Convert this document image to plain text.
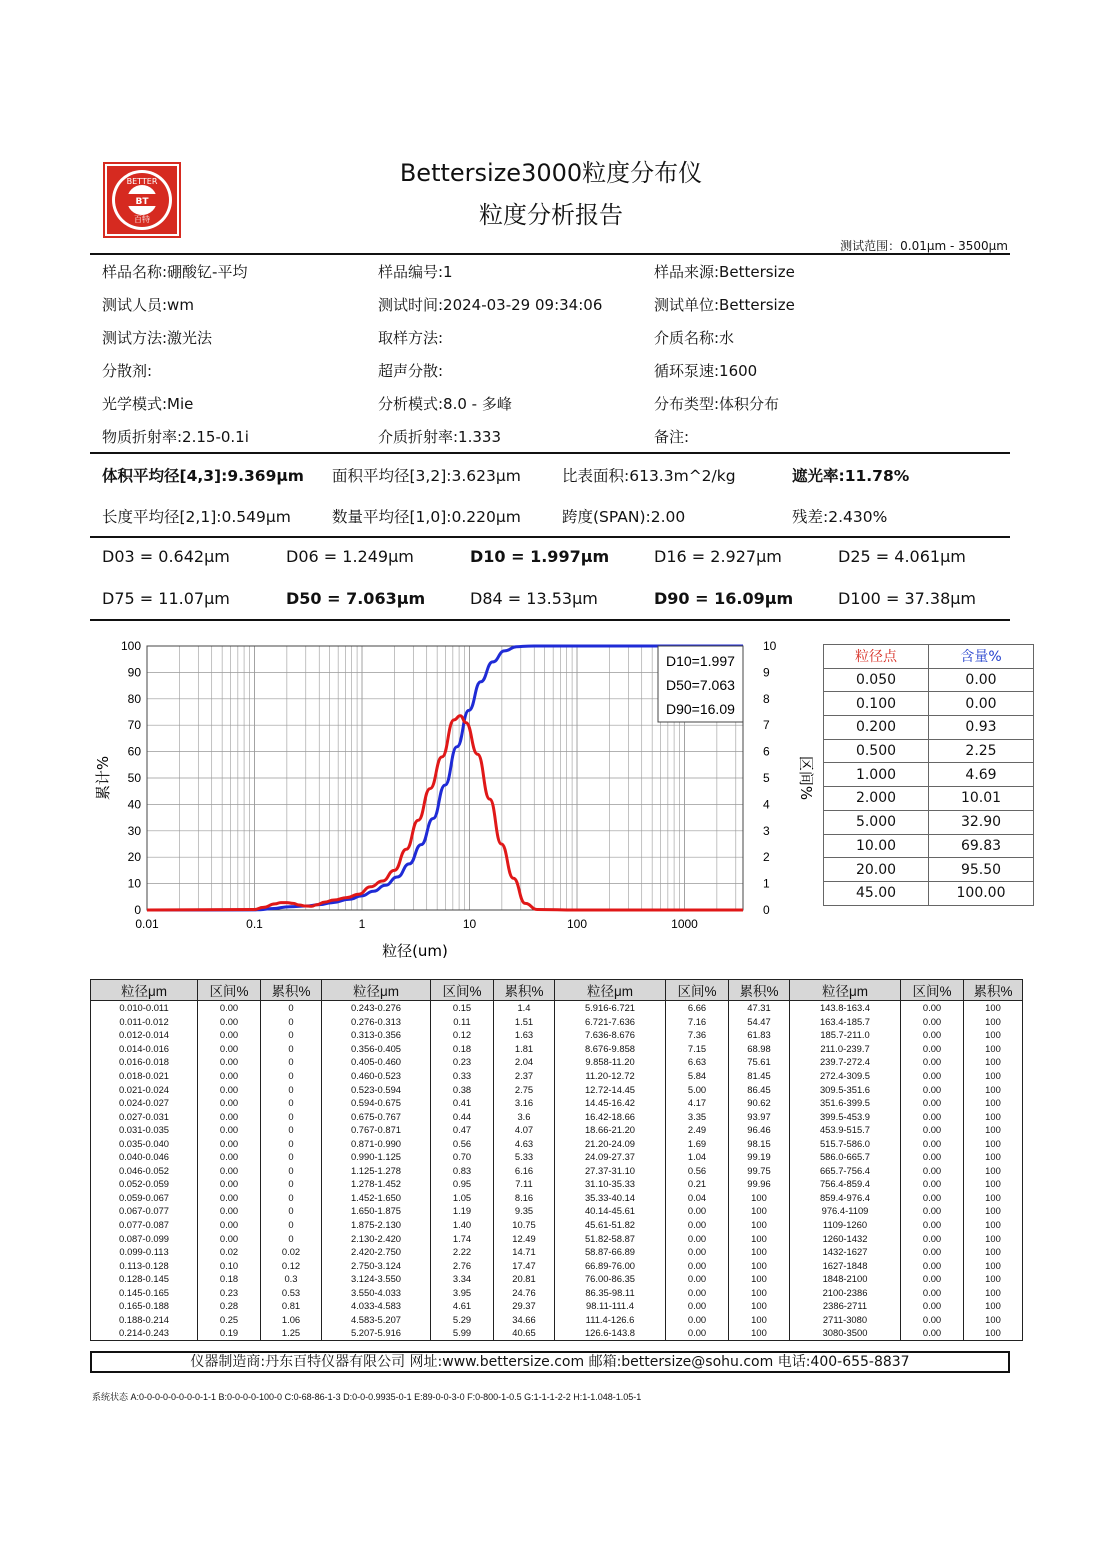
BT
BETTER
百特
Bettersize3000粒度分布仪
粒度分析报告
测试范围：0.01μm - 3500μm
样品名称:硼酸钇-平均	样品编号:1	样品来源:Bettersize
测试人员:wm	测试时间:2024-03-29 09:34:06	测试单位:Bettersize
测试方法:激光法	取样方法:	介质名称:水
分散剂:	超声分散:	循环泵速:1600
光学模式:Mie	分析模式:8.0 - 多峰	分布类型:体积分布
物质折射率:2.15-0.1i	介质折射率:1.333	备注:
体积平均径[4,3]:9.369μm 面积平均径[3,2]:3.623μm	比表面积:613.3m^2/kg	遮光率:11.78%
长度平均径[2,1]:0.549μm	数量平均径[1,0]:0.220μm	跨度(SPAN):2.00	残差:2.430%
D03 = 0.642μm	D06 = 1.249μm	D10 = 1.997μm	D16 = 2.927μm	D25 = 4.061μm
D75 = 11.07μm	D50 = 7.063μm	D84 = 13.53μm	D90 = 16.09μm	D100 = 37.38μm
0
10
20
30
40
50
60
70
80
90
100
0
1
2
3
4
5
6
7
8
9
10
0.01	0.1	1	10	100	1000
粒径(um)
累计%	区间%
D10=1.997
D50=7.063
D90=16.09
粒径点	含量%
0.050	0.00
0.100	0.00
0.200	0.93
0.500	2.25
1.000	4.69
2.000	10.01
5.000	32.90
10.00	69.83
20.00	95.50
45.00	100.00
粒径μm	区间%	累积%	粒径μm	区间%	累积%	粒径μm	区间%	累积%	粒径μm	区间%	累积%
0.010-0.011	0.00	0	0.243-0.276	0.15	1.4	5.916-6.721	6.66	47.31	143.8-163.4	0.00	100
0.011-0.012	0.00	0	0.276-0.313	0.11	1.51	6.721-7.636	7.16	54.47	163.4-185.7	0.00	100
0.012-0.014	0.00	0	0.313-0.356	0.12	1.63	7.636-8.676	7.36	61.83	185.7-211.0	0.00	100
0.014-0.016	0.00	0	0.356-0.405	0.18	1.81	8.676-9.858	7.15	68.98	211.0-239.7	0.00	100
0.016-0.018	0.00	0	0.405-0.460	0.23	2.04	9.858-11.20	6.63	75.61	239.7-272.4	0.00	100
0.018-0.021	0.00	0	0.460-0.523	0.33	2.37	11.20-12.72	5.84	81.45	272.4-309.5	0.00	100
0.021-0.024	0.00	0	0.523-0.594	0.38	2.75	12.72-14.45	5.00	86.45	309.5-351.6	0.00	100
0.024-0.027	0.00	0	0.594-0.675	0.41	3.16	14.45-16.42	4.17	90.62	351.6-399.5	0.00	100
0.027-0.031	0.00	0	0.675-0.767	0.44	3.6	16.42-18.66	3.35	93.97	399.5-453.9	0.00	100
0.031-0.035	0.00	0	0.767-0.871	0.47	4.07	18.66-21.20	2.49	96.46	453.9-515.7	0.00	100
0.035-0.040	0.00	0	0.871-0.990	0.56	4.63	21.20-24.09	1.69	98.15	515.7-586.0	0.00	100
0.040-0.046	0.00	0	0.990-1.125	0.70	5.33	24.09-27.37	1.04	99.19	586.0-665.7	0.00	100
0.046-0.052	0.00	0	1.125-1.278	0.83	6.16	27.37-31.10	0.56	99.75	665.7-756.4	0.00	100
0.052-0.059	0.00	0	1.278-1.452	0.95	7.11	31.10-35.33	0.21	99.96	756.4-859.4	0.00	100
0.059-0.067	0.00	0	1.452-1.650	1.05	8.16	35.33-40.14	0.04	100	859.4-976.4	0.00	100
0.067-0.077	0.00	0	1.650-1.875	1.19	9.35	40.14-45.61	0.00	100	976.4-1109	0.00	100
0.077-0.087	0.00	0	1.875-2.130	1.40	10.75	45.61-51.82	0.00	100	1109-1260	0.00	100
0.087-0.099	0.00	0	2.130-2.420	1.74	12.49	51.82-58.87	0.00	100	1260-1432	0.00	100
0.099-0.113	0.02	0.02	2.420-2.750	2.22	14.71	58.87-66.89	0.00	100	1432-1627	0.00	100
0.113-0.128	0.10	0.12	2.750-3.124	2.76	17.47	66.89-76.00	0.00	100	1627-1848	0.00	100
0.128-0.145	0.18	0.3	3.124-3.550	3.34	20.81	76.00-86.35	0.00	100	1848-2100	0.00	100
0.145-0.165	0.23	0.53	3.550-4.033	3.95	24.76	86.35-98.11	0.00	100	2100-2386	0.00	100
0.165-0.188	0.28	0.81	4.033-4.583	4.61	29.37	98.11-111.4	0.00	100	2386-2711	0.00	100
0.188-0.214	0.25	1.06	4.583-5.207	5.29	34.66	111.4-126.6	0.00	100	2711-3080	0.00	100
0.214-0.243	0.19	1.25	5.207-5.916	5.99	40.65	126.6-143.8	0.00	100	3080-3500	0.00	100
仪器制造商:丹东百特仪器有限公司 网址:www.bettersize.com 邮箱:bettersize@sohu.com 电话:400-655-8837
系统状态 A:0-0-0-0-0-0-0-0-1-1 B:0-0-0-0-100-0 C:0-68-86-1-3 D:0-0-0.9935-0-1 E:89-0-0-3-0 F:0-800-1-0.5 G:1-1-1-2-2 H:1-1.048-1.05-1
